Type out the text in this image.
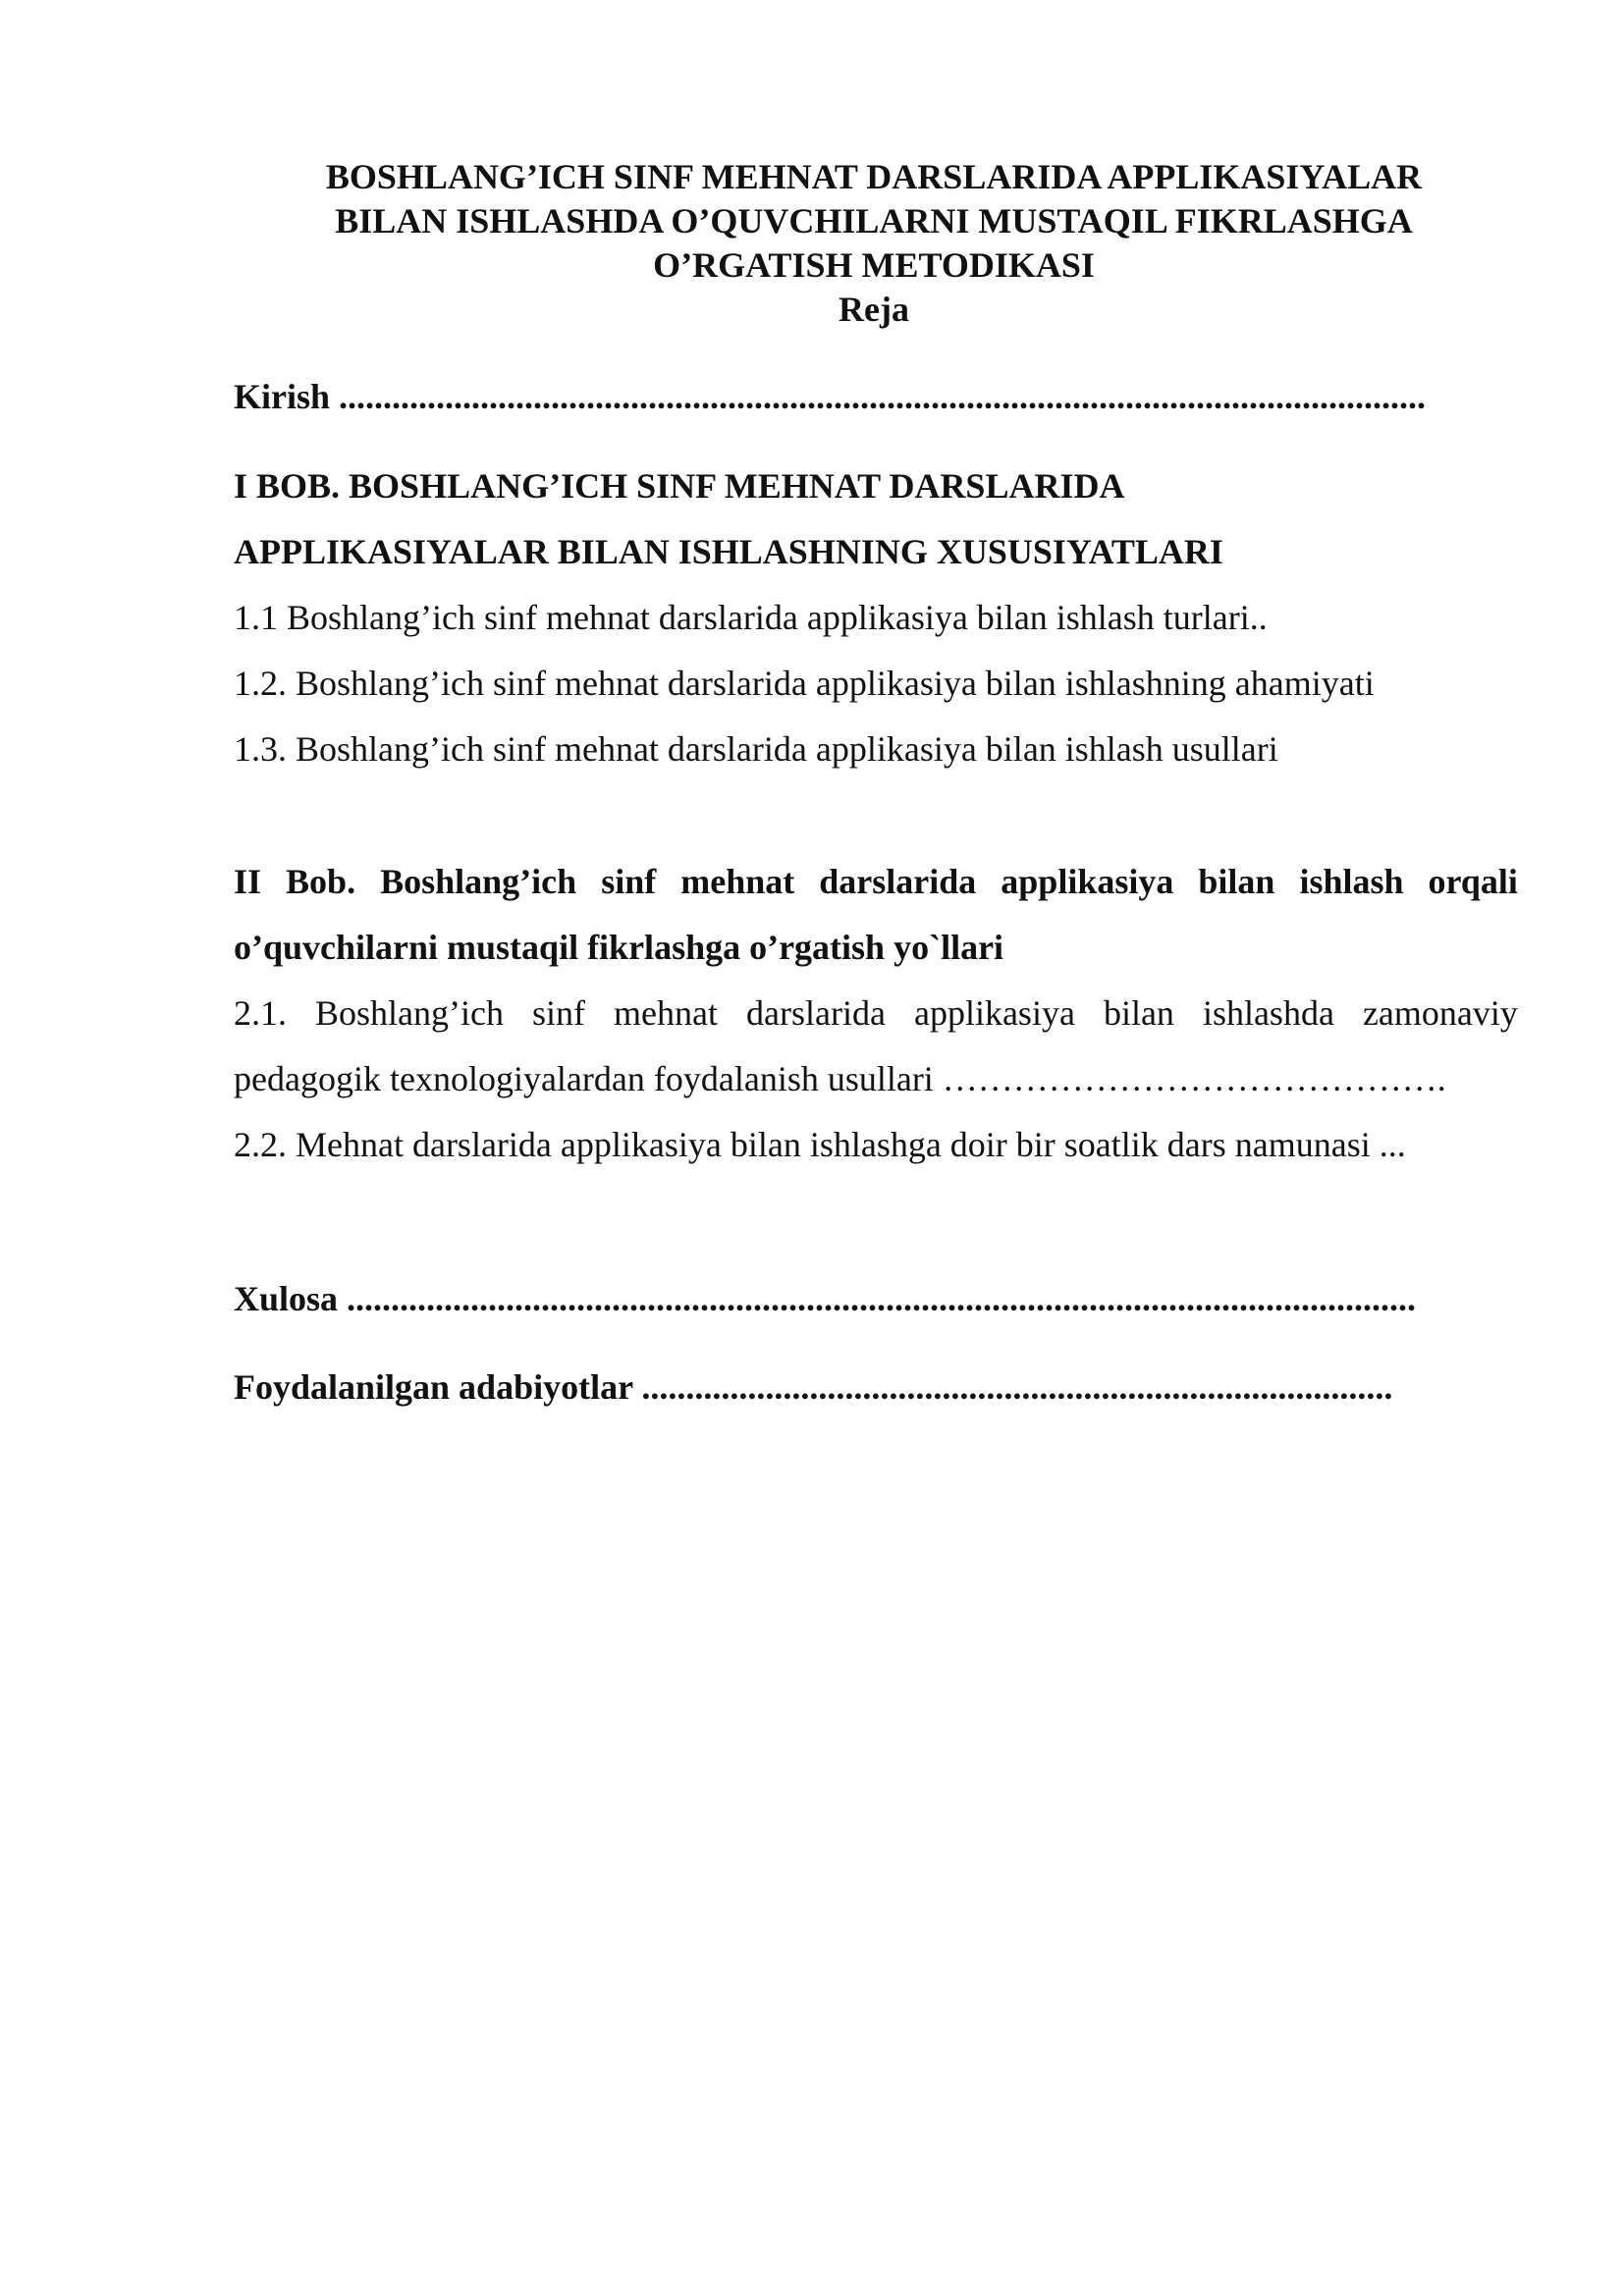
BOSHLANG’ICH SINF MEHNAT DARSLARIDA APPLIKASIYALAR
BILAN ISHLASHDA O’QUVCHILARNI MUSTAQIL FIKRLASHGA
O’RGATISH METODIKASI
Reja
Kirish ...........................................................................................................................
I BOB. BOSHLANG’ICH SINF MEHNAT DARSLARIDA
APPLIKASIYALAR BILAN ISHLASHNING XUSUSIYATLARI
1.1 Boshlang’ich sinf mehnat darslarida applikasiya bilan ishlash turlari..
1.2. Boshlang’ich sinf mehnat darslarida applikasiya bilan ishlashning ahamiyati
1.3. Boshlang’ich sinf mehnat darslarida applikasiya bilan ishlash usullari
II Bob. Boshlang’ich sinf mehnat darslarida applikasiya bilan ishlash orqali
o’quvchilarni mustaqil fikrlashga o’rgatish yo`llari
2.1. Boshlang’ich sinf mehnat darslarida applikasiya bilan ishlashda zamonaviy
pedagogik texnologiyalardan foydalanish usullari …………………………………….
2.2. Mehnat darslarida applikasiya bilan ishlashga doir bir soatlik dars namunasi ...
Xulosa .........................................................................................................................
Foydalanilgan adabiyotlar .....................................................................................
